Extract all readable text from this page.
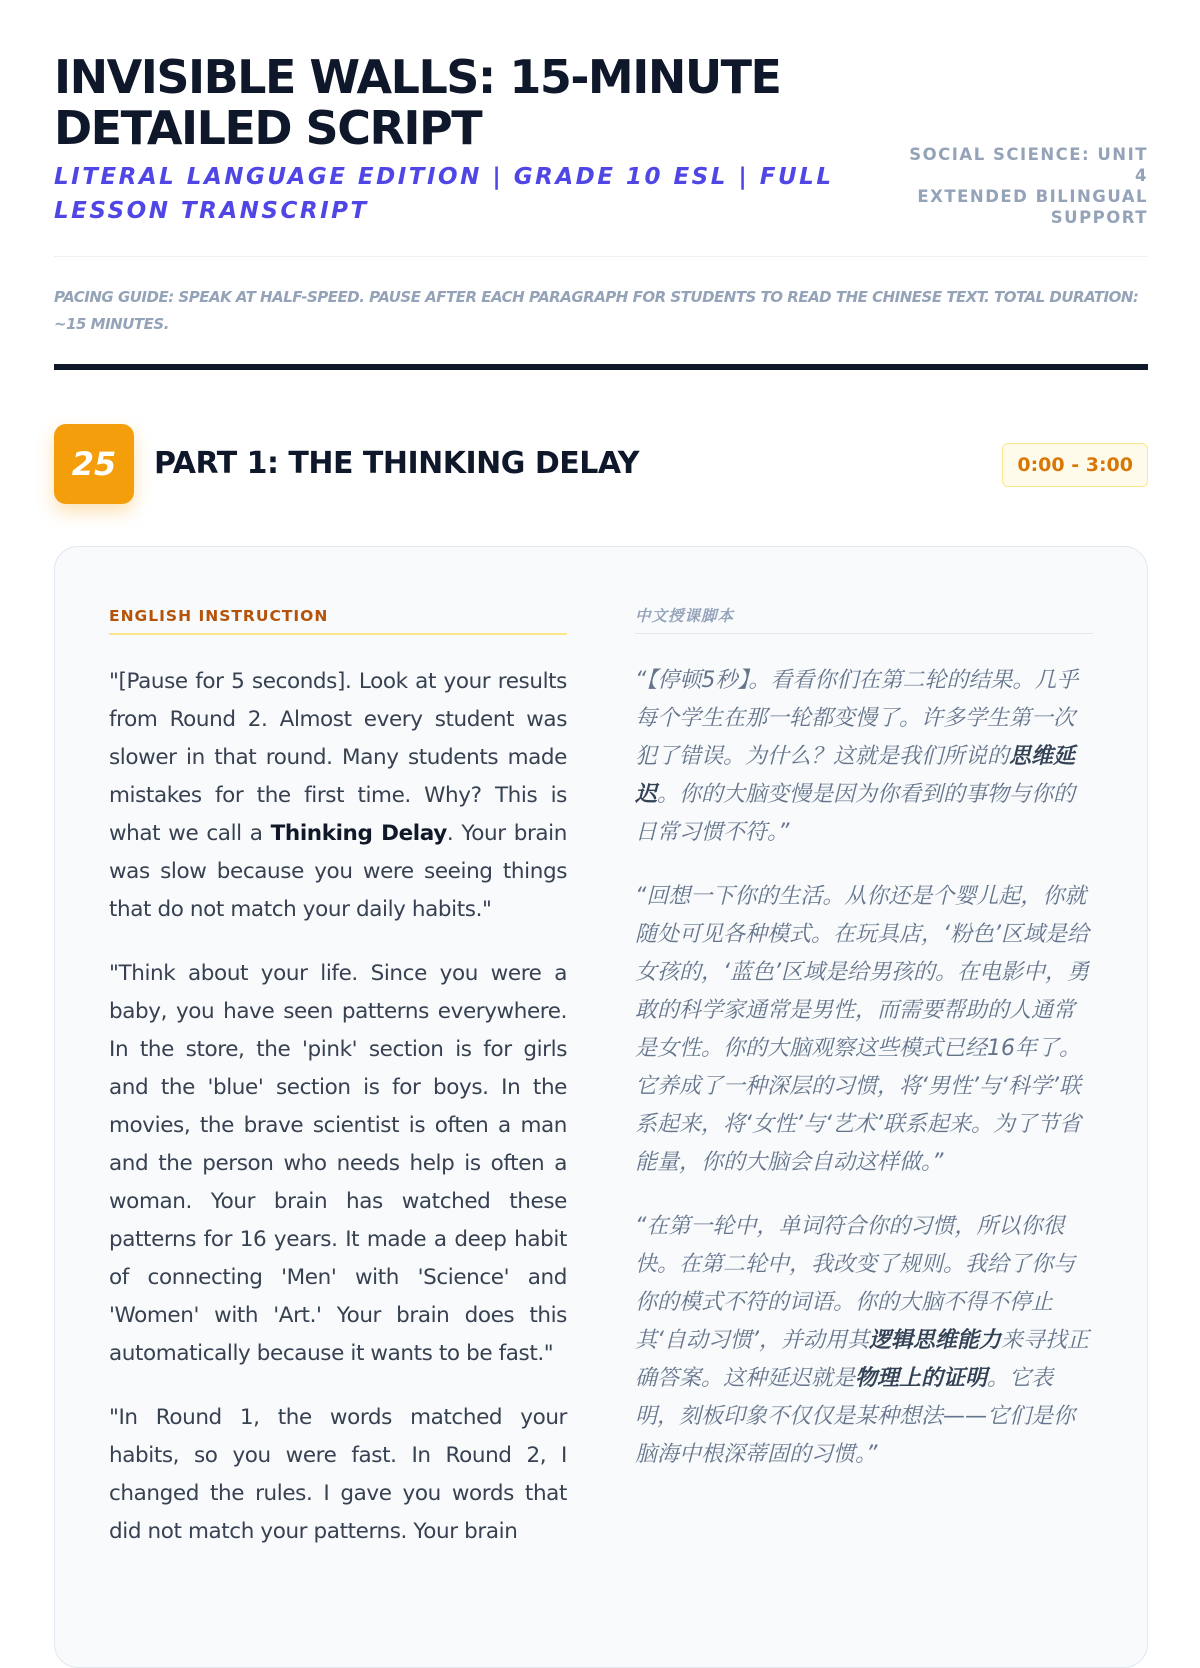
INVISIBLE WALLS: 15-MINUTE DETAILED SCRIPT
LITERAL LANGUAGE EDITION | GRADE 10 ESL | FULL LESSON TRANSCRIPT
SOCIAL SCIENCE: UNIT 4
EXTENDED BILINGUAL SUPPORT
PACING GUIDE: SPEAK AT HALF-SPEED. PAUSE AFTER EACH PARAGRAPH FOR STUDENTS TO READ THE CHINESE TEXT. TOTAL DURATION: ~15 MINUTES.
25	PART 1: THE THINKING DELAY	0:00 - 3:00
ENGLISH INSTRUCTION

"[Pause for 5 seconds]. Look at your results from Round 2. Almost every student was slower in that round. Many students made mistakes for the first time. Why? This is what we call a Thinking Delay. Your brain was slow because you were seeing things that do not match your daily habits."

"Think about your life. Since you were a baby, you have seen patterns everywhere. In the store, the 'pink' section is for girls and the 'blue' section is for boys. In the movies, the brave scientist is often a man and the person who needs help is often a woman. Your brain has watched these patterns for 16 years. It made a deep habit of connecting 'Men' with 'Science' and 'Women' with 'Art.' Your brain does this automatically because it wants to be fast."

"In Round 1, the words matched your habits, so you were fast. In Round 2, I changed the rules. I gave you words that did not match your patterns. Your brain

中文授课脚本

“【停顿5秒】。看看你们在第二轮的结果。几乎每个学生在那一轮都变慢了。许多学生第一次犯了错误。为什么？这就是我们所说的思维延迟。你的大脑变慢是因为你看到的事物与你的日常习惯不符。”

“回想一下你的生活。从你还是个婴儿起，你就随处可见各种模式。在玩具店，‘粉色’区域是给女孩的，‘蓝色’区域是给男孩的。在电影中，勇敢的科学家通常是男性，而需要帮助的人通常是女性。你的大脑观察这些模式已经16年了。它养成了一种深层的习惯，将‘男性’与‘科学’联系起来，将‘女性’与‘艺术’联系起来。为了节省能量，你的大脑会自动这样做。”

“在第一轮中，单词符合你的习惯，所以你很快。在第二轮中，我改变了规则。我给了你与你的模式不符的词语。你的大脑不得不停止其‘自动习惯’，并动用其逻辑思维能力来寻找正确答案。这种延迟就是物理上的证明。它表明，刻板印象不仅仅是某种想法——它们是你脑海中根深蒂固的习惯。”
